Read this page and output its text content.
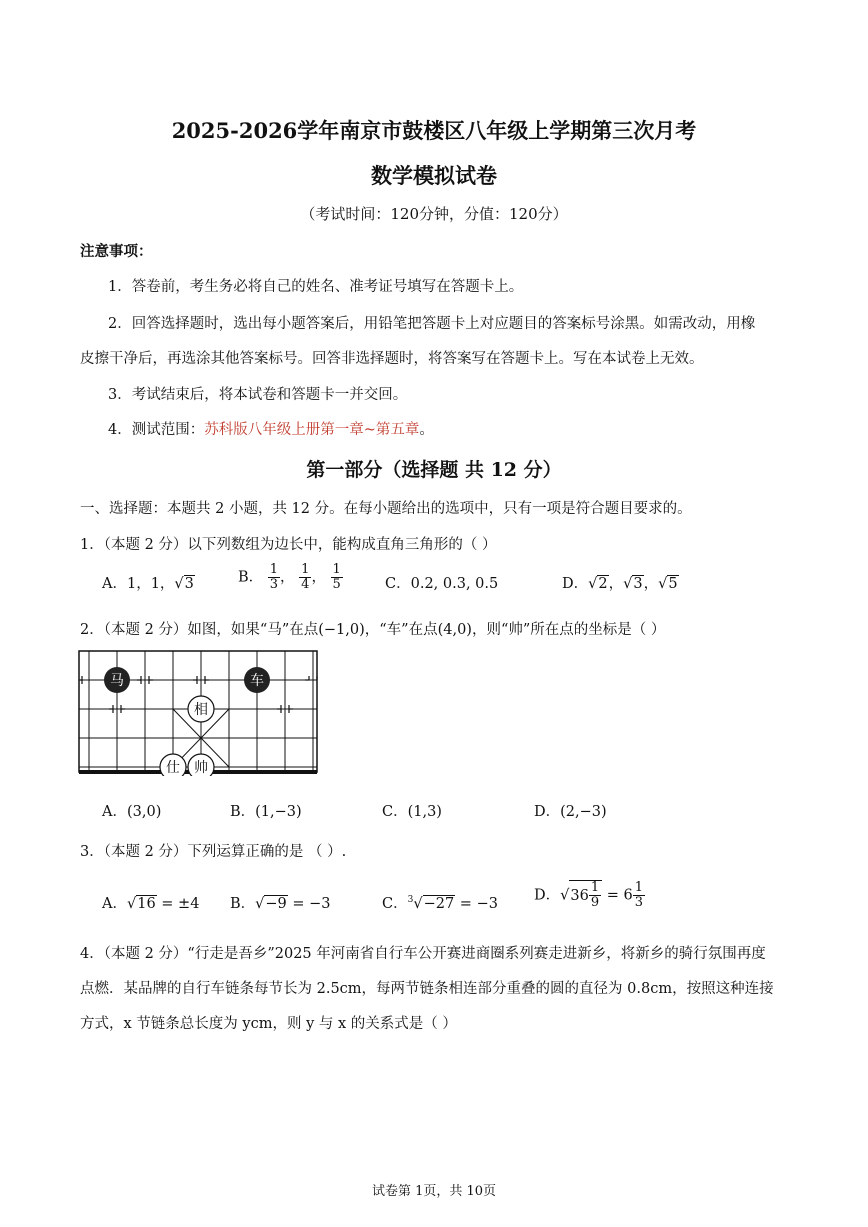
2025-2026学年南京市鼓楼区八年级上学期第三次月考
数学模拟试卷
（考试时间：120分钟，分值：120分）
注意事项：
1．答卷前，考生务必将自己的姓名、准考证号填写在答题卡上。
2．回答选择题时，选出每小题答案后，用铅笔把答题卡上对应题目的答案标号涂黑。如需改动，用橡
皮擦干净后，再选涂其他答案标号。回答非选择题时，将答案写在答题卡上。写在本试卷上无效。
3．考试结束后，将本试卷和答题卡一并交回。
4．测试范围：苏科版八年级上册第一章~第五章。
第一部分（选择题 共 12 分）
一、选择题：本题共 2 小题，共 12 分。在每小题给出的选项中，只有一项是符合题目要求的。
1．（本题 2 分）以下列数组为边长中，能构成直角三角形的（ ）
A．1，1，√3	B． $\frac{1}{3}$ ， $\frac{1}{4}$ ， $\frac{1}{5}$	C．0.2, 0.3, 0.5	D．√2，√3，√5
2．（本题 2 分）如图，如果“马”在点(−1,0)，“车”在点(4,0)，则“帅”所在点的坐标是（ ）
马	车
相
仕 帅
A．(3,0)	B．(1,−3)	C．(1,3)	D．(2,−3)
3．（本题 2 分）下列运算正确的是 （ ）.
A．√16 = ±4 B．√−9 = −3	C．$^3$√−27 = −3
D．√ $36 \frac{1}{9} = 6 \frac{1}{3}$
4．（本题 2 分）“行走是吾乡”2025 年河南省自行车公开赛进商圈系列赛走进新乡，将新乡的骑行氛围再度
点燃．某品牌的自行车链条每节长为 2.5cm，每两节链条相连部分重叠的圆的直径为 0.8cm，按照这种连接
方式，x 节链条总长度为 ycm，则 y 与 x 的关系式是（ ）
试卷第 1页，共 10页
